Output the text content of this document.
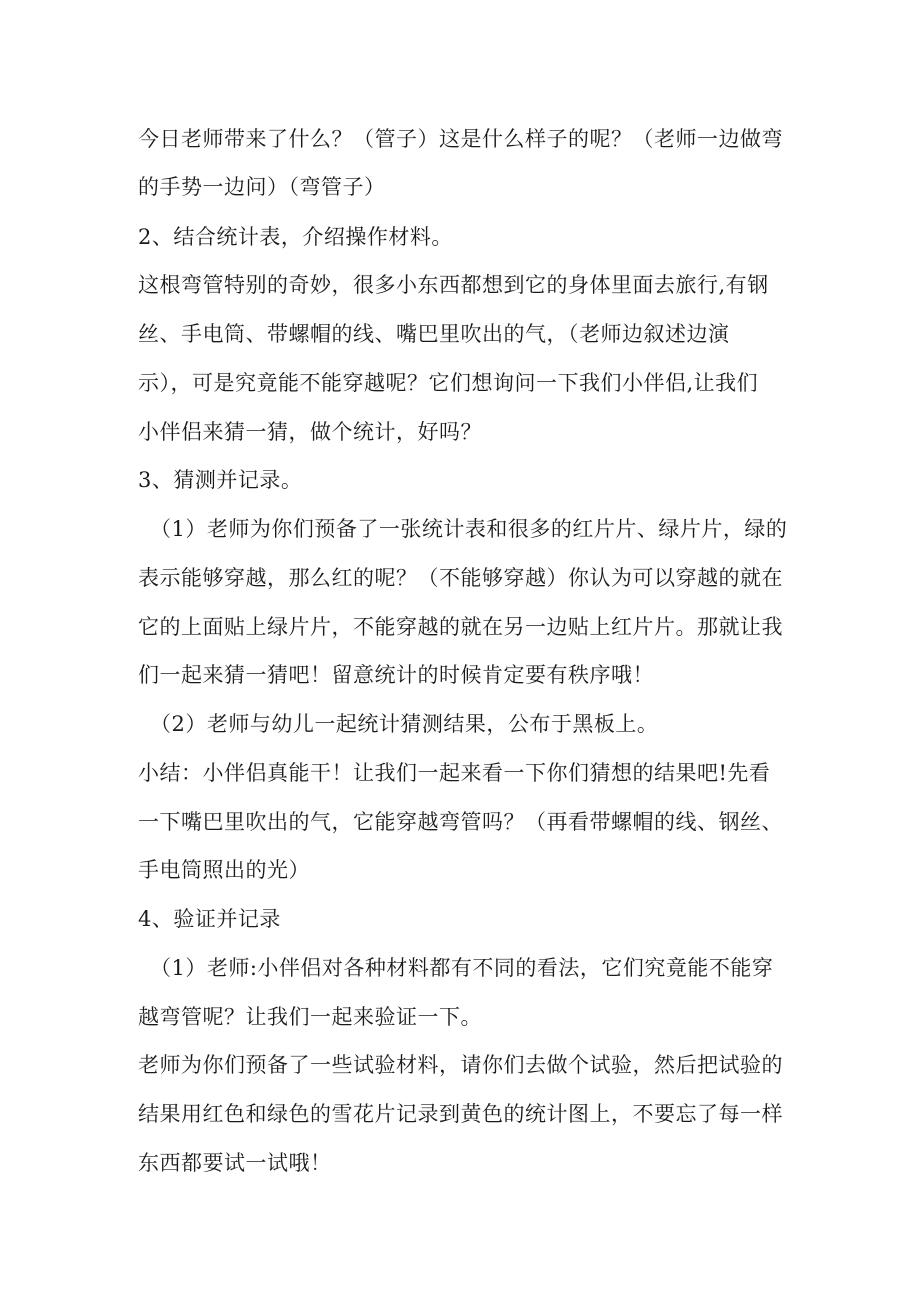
今日老师带来了什么？（管子）这是什么样子的呢？（老师一边做弯
的手势一边问）（弯管子）
2、结合统计表，介绍操作材料。
这根弯管特别的奇妙，很多小东西都想到它的身体里面去旅行,有钢
丝、手电筒、带螺帽的线、嘴巴里吹出的气，（老师边叙述边演
示），可是究竟能不能穿越呢？它们想询问一下我们小伴侣,让我们
小伴侣来猜一猜，做个统计，好吗？
3、猜测并记录。
（1）老师为你们预备了一张统计表和很多的红片片、绿片片，绿的
表示能够穿越，那么红的呢？（不能够穿越）你认为可以穿越的就在
它的上面贴上绿片片，不能穿越的就在另一边贴上红片片。那就让我
们一起来猜一猜吧！留意统计的时候肯定要有秩序哦！
（2）老师与幼儿一起统计猜测结果，公布于黑板上。
小结：小伴侣真能干！让我们一起来看一下你们猜想的结果吧!先看
一下嘴巴里吹出的气，它能穿越弯管吗？（再看带螺帽的线、钢丝、
手电筒照出的光）
4、验证并记录
（1）老师:小伴侣对各种材料都有不同的看法，它们究竟能不能穿
越弯管呢？让我们一起来验证一下。
老师为你们预备了一些试验材料，请你们去做个试验，然后把试验的
结果用红色和绿色的雪花片记录到黄色的统计图上，不要忘了每一样
东西都要试一试哦！
